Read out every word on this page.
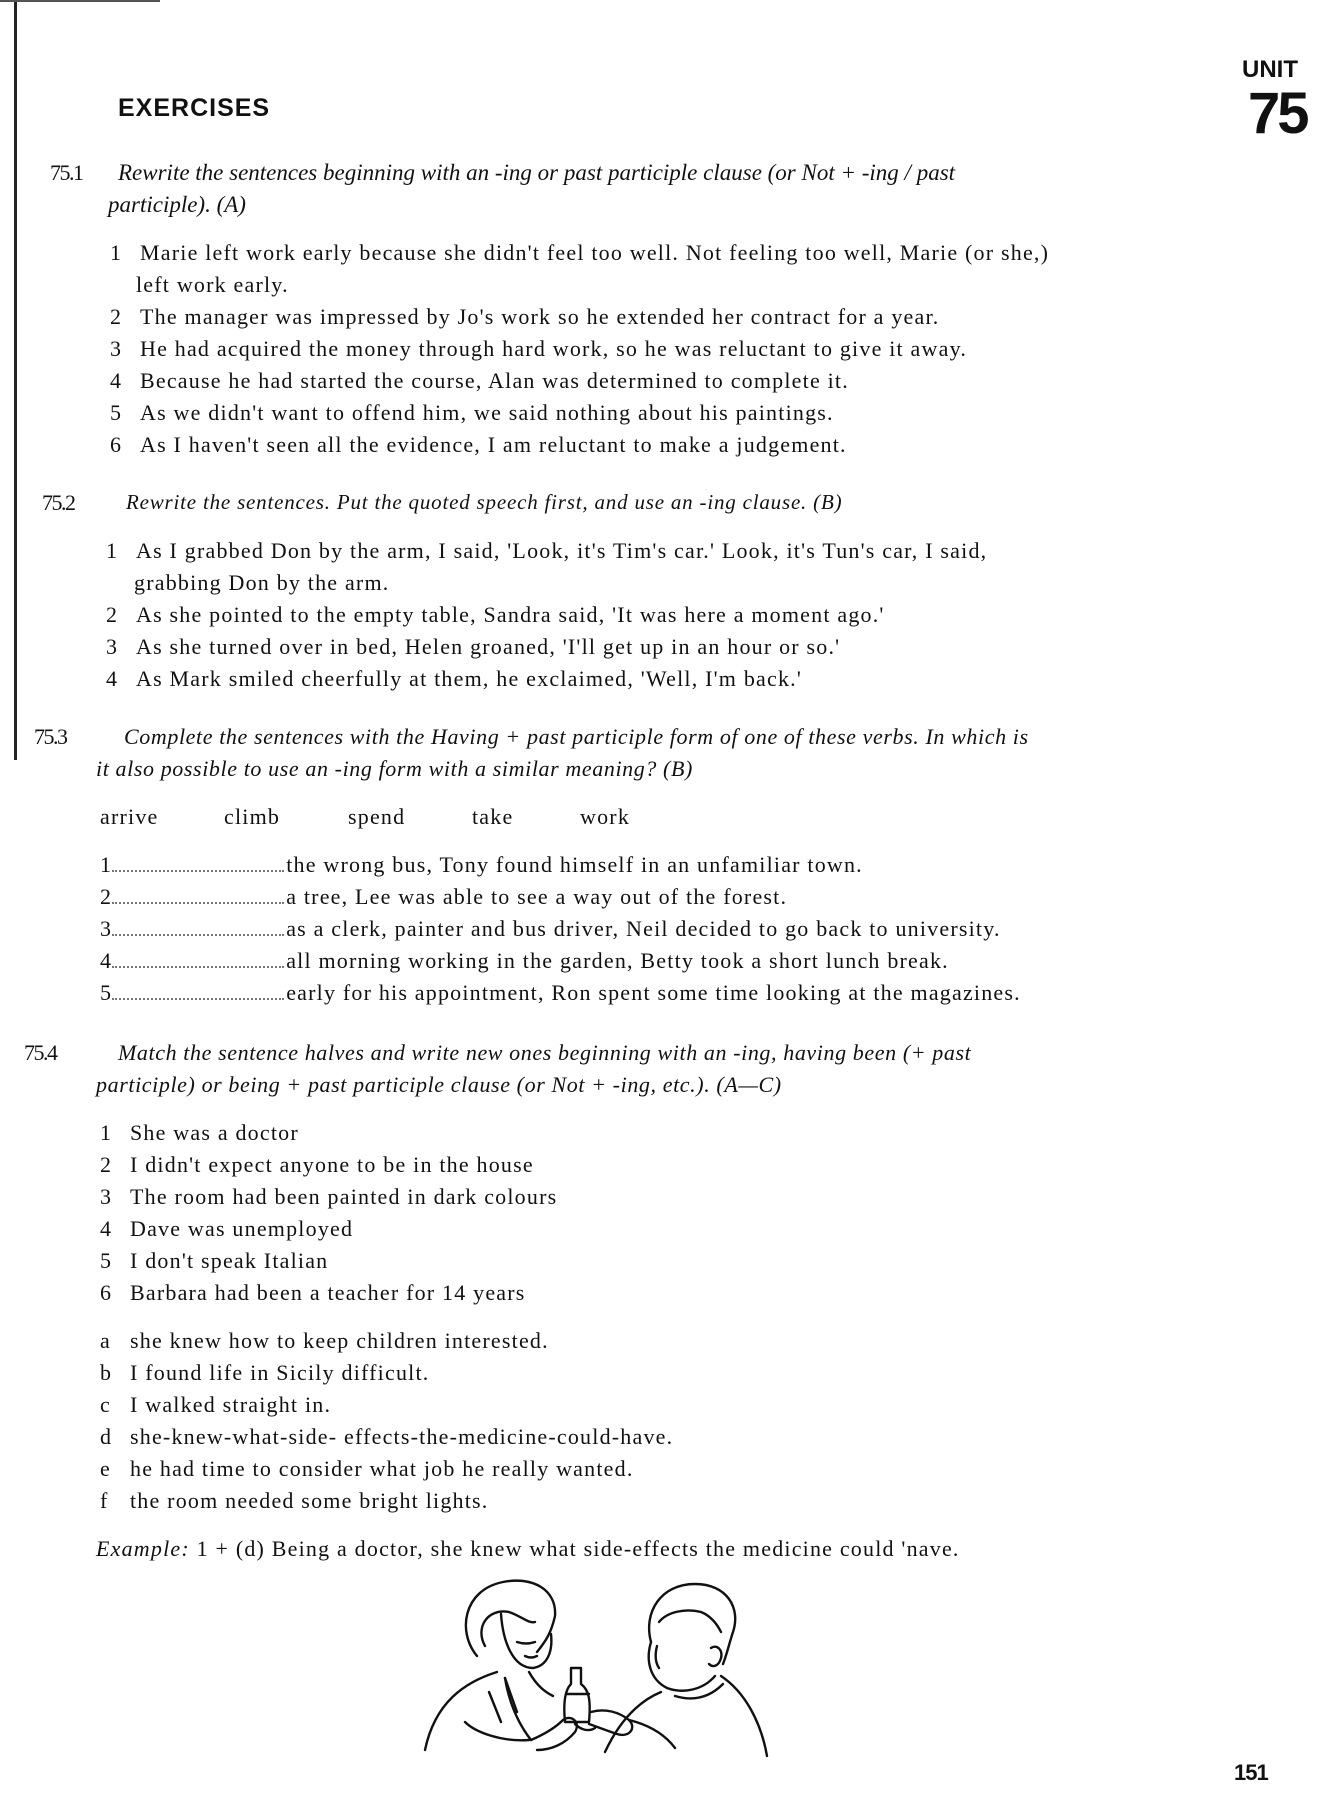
EXERCISES
UNIT
75
75.1 Rewrite the sentences beginning with an -ing or past participle clause (or Not + -ing / past
participle). (A)
1 Marie left work early because she didn't feel too well. Not feeling too well, Marie (or she,)
left work early.
2 The manager was impressed by Jo's work so he extended her contract for a year.
3 He had acquired the money through hard work, so he was reluctant to give it away.
4 Because he had started the course, Alan was determined to complete it.
5 As we didn't want to offend him, we said nothing about his paintings.
6 As I haven't seen all the evidence, I am reluctant to make a judgement.
75.2 Rewrite the sentences. Put the quoted speech first, and use an -ing clause. (B)
1 As I grabbed Don by the arm, I said, 'Look, it's Tim's car.' Look, it's Tun's car, I said,
grabbing Don by the arm.
2 As she pointed to the empty table, Sandra said, 'It was here a moment ago.'
3 As she turned over in bed, Helen groaned, 'I'll get up in an hour or so.'
4 As Mark smiled cheerfully at them, he exclaimed, 'Well, I'm back.'
75.3	Complete the sentences with the Having + past participle form of one of these verbs. In which is
it also possible to use an -ing form with a similar meaning? (B)
arrive	climb	spend	take	work
1	the wrong bus, Tony found himself in an unfamiliar town.
2	a tree, Lee was able to see a way out of the forest.
3	as a clerk, painter and bus driver, Neil decided to go back to university.
4	all morning working in the garden, Betty took a short lunch break.
5	early for his appointment, Ron spent some time looking at the magazines.
75.4	Match the sentence halves and write new ones beginning with an -ing, having been (+ past
participle) or being + past participle clause (or Not + -ing, etc.). (A—C)
1 She was a doctor
2 I didn't expect anyone to be in the house
3 The room had been painted in dark colours
4 Dave was unemployed
5 I don't speak Italian
6 Barbara had been a teacher for 14 years
a she knew how to keep children interested.
b I found life in Sicily difficult.
c I walked straight in.
d she-knew-what-side- effects-the-medicine-could-have.
e he had time to consider what job he really wanted.
f the room needed some bright lights.
Example: 1 + (d) Being a doctor, she knew what side-effects the medicine could 'nave.
151
